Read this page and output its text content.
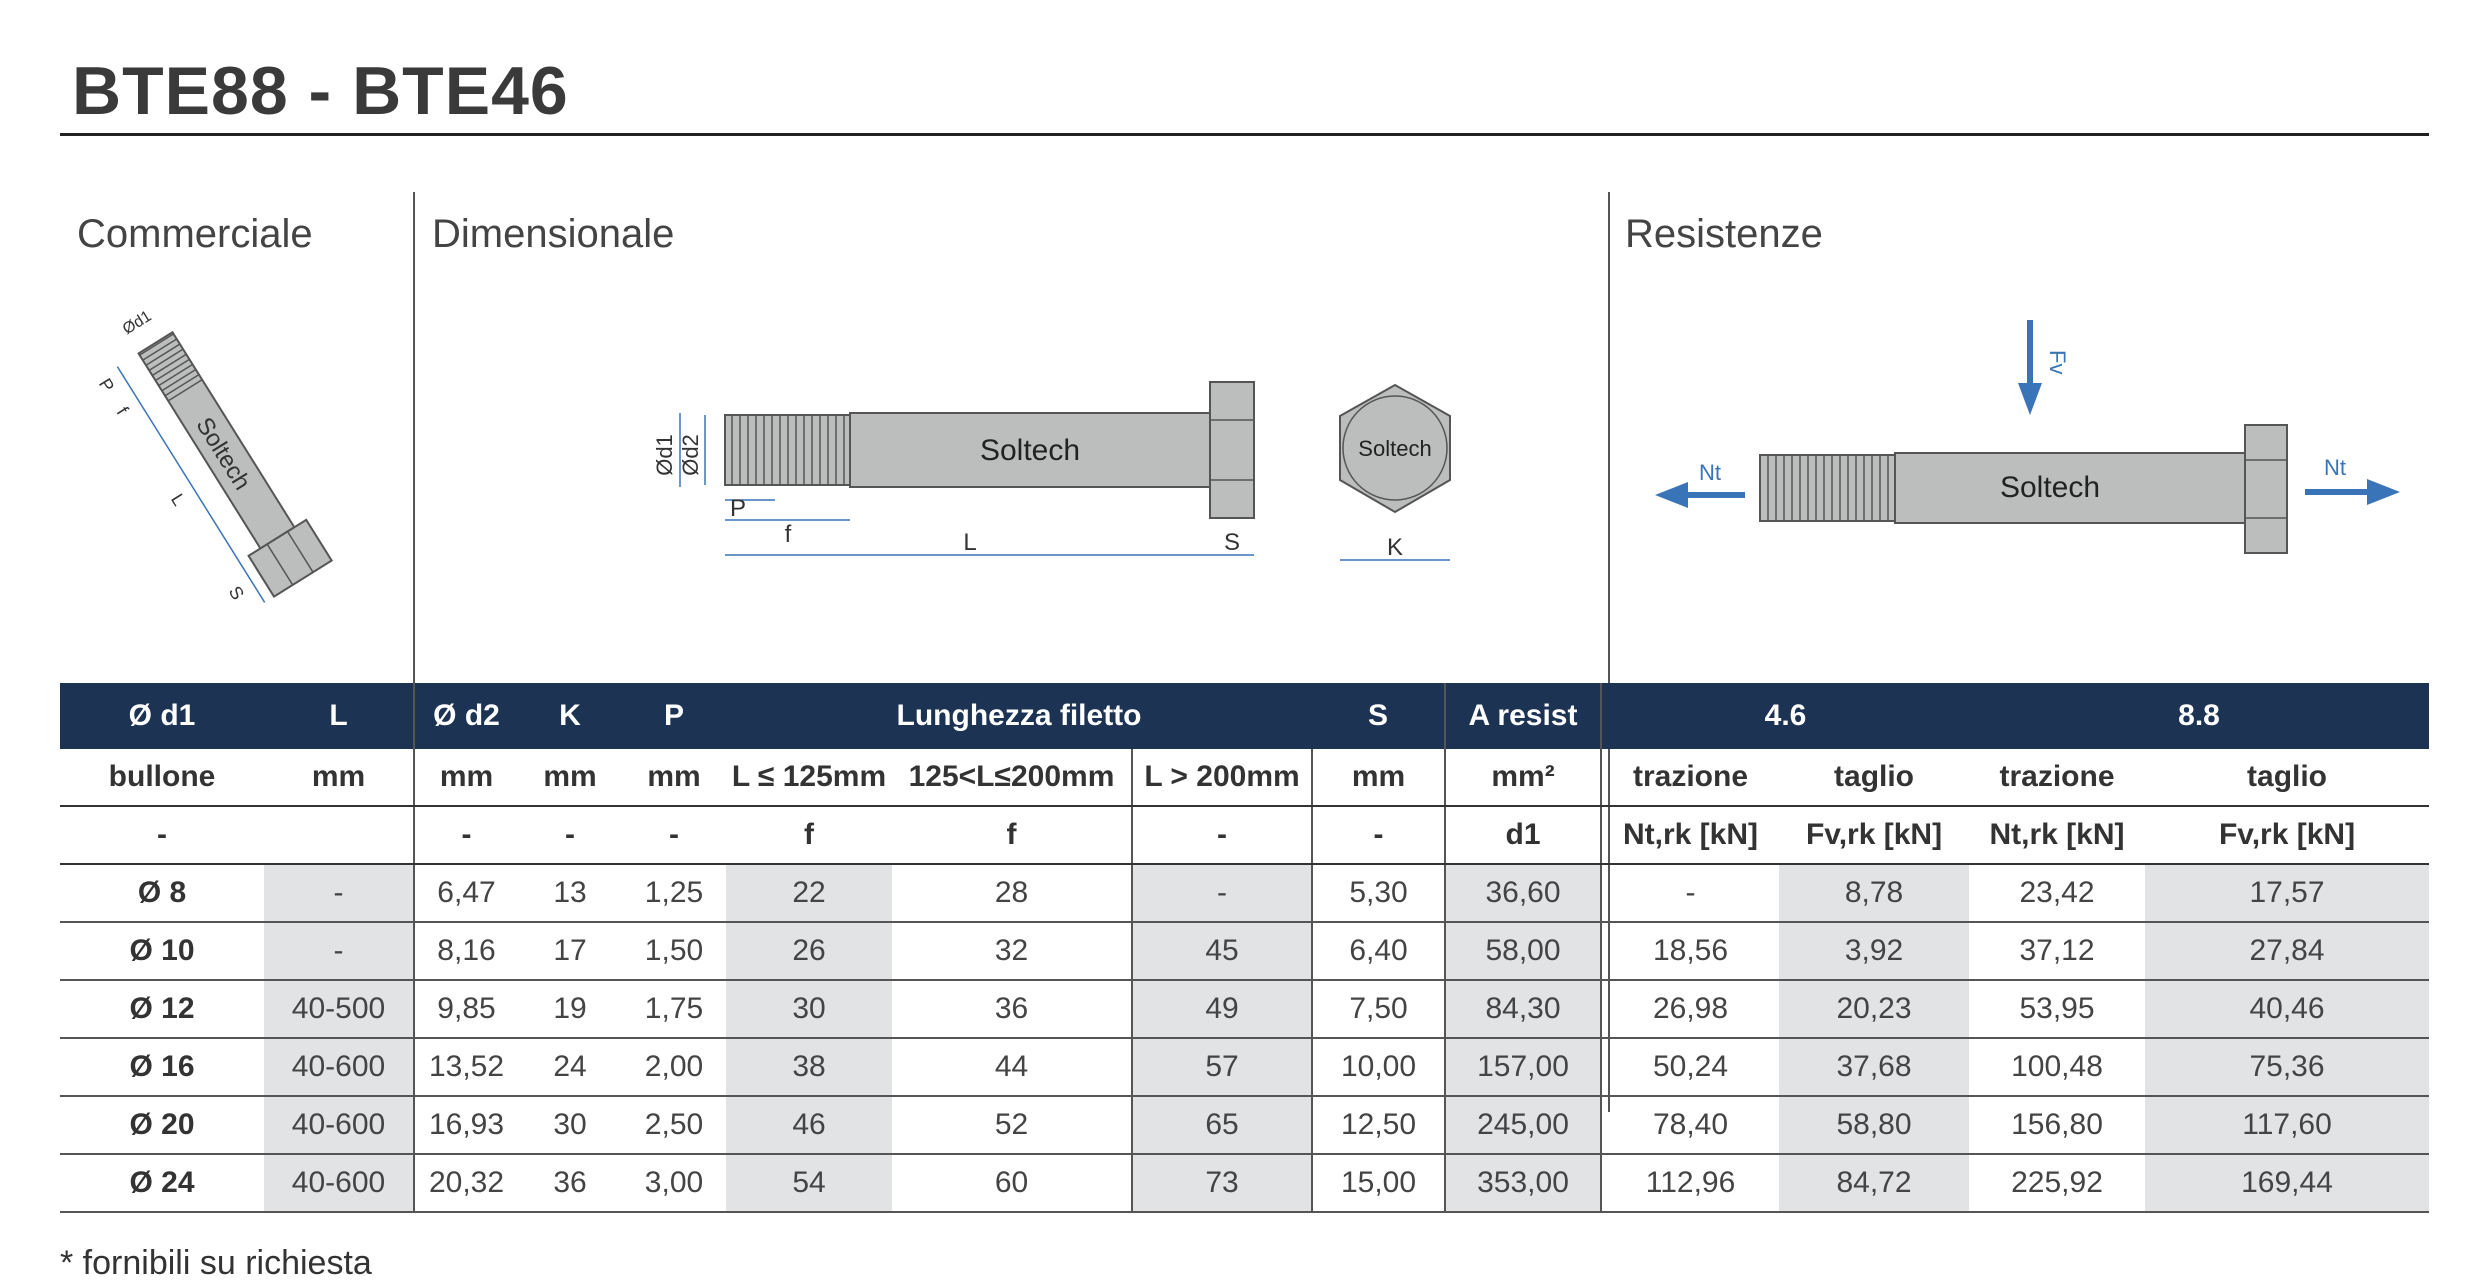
BTE88 - BTE46
Commerciale	Dimensionale	Resistenze
Soltech
L
S
f
P
Ød1
Soltech
L
f
P
S
Ød2
Ød1	Soltech
K
Soltech
Fv
Nt	Nt
Ø d1	L	Ø d2	K	P	Lunghezza filetto			S	A resist	4.6		8.8	
bullone	mm	mm	mm	mm	L ≤ 125mm	125<L≤200mm	L > 200mm	mm	mm²	trazione	taglio	trazione	taglio
-		-	-	-	f	f	-	-	d1	Nt,rk [kN]	Fv,rk [kN]	Nt,rk [kN]	Fv,rk [kN]
Ø 8	-	6,47	13	1,25	22	28	-	5,30	36,60	-	8,78	23,42	17,57
Ø 10	-	8,16	17	1,50	26	32	45	6,40	58,00	18,56	3,92	37,12	27,84
Ø 12	40-500	9,85	19	1,75	30	36	49	7,50	84,30	26,98	20,23	53,95	40,46
Ø 16	40-600	13,52	24	2,00	38	44	57	10,00	157,00	50,24	37,68	100,48	75,36
Ø 20	40-600	16,93	30	2,50	46	52	65	12,50	245,00	78,40	58,80	156,80	117,60
Ø 24	40-600	20,32	36	3,00	54	60	73	15,00	353,00	112,96	84,72	225,92	169,44
* fornibili su richiesta
